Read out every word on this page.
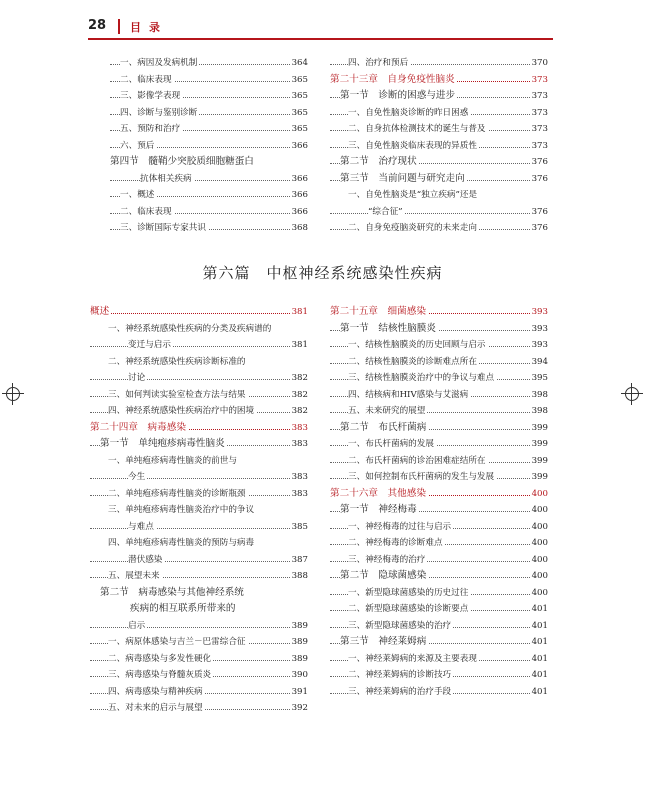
28 目录
一、病因及发病机制	364
二、临床表现	365
三、影像学表现	365
四、诊断与鉴别诊断	365
五、预防和治疗	365
六、预后	366
第四节　髓鞘少突胶质细胞糖蛋白
抗体相关疾病	366
一、概述	366
二、临床表现	366
三、诊断国际专家共识	368
四、治疗和预后	370
第二十三章　自身免疫性脑炎	373
第一节　诊断的困惑与进步	373
一、自免性脑炎诊断的昨日困惑	373
二、自身抗体检测技术的诞生与普及	373
三、自免性脑炎临床表现的异质性	373
第二节　治疗现状	376
第三节　当前问题与研究走向	376
一、自免性脑炎是“独立疾病”还是
“综合征”	376
二、自身免疫脑炎研究的未来走向	376
第六篇　中枢神经系统感染性疾病
概述	381
一、神经系统感染性疾病的分类及疾病谱的
变迁与启示	381
二、神经系统感染性疾病诊断标准的
讨论	382
三、如何判读实验室检查方法与结果	382
四、神经系统感染性疾病治疗中的困境	382
第二十四章　病毒感染	383
第一节　单纯疱疹病毒性脑炎	383
一、单纯疱疹病毒性脑炎的前世与
今生	383
二、单纯疱疹病毒性脑炎的诊断瓶颈	383
三、单纯疱疹病毒性脑炎治疗中的争议
与难点	385
四、单纯疱疹病毒性脑炎的预防与病毒
潜伏感染	387
五、展望未来	388
第二节　病毒感染与其他神经系统
疾病的相互联系所带来的
启示	389
一、病原体感染与吉兰－巴雷综合征	389
二、病毒感染与多发性硬化	389
三、病毒感染与脊髓灰质炎	390
四、病毒感染与精神疾病	391
五、对未来的启示与展望	392
第二十五章　细菌感染	393
第一节　结核性脑膜炎	393
一、结核性脑膜炎的历史回顾与启示	393
二、结核性脑膜炎的诊断难点所在	394
三、结核性脑膜炎治疗中的争议与难点	395
四、结核病和HIV感染与艾滋病	398
五、未来研究的展望	398
第二节　布氏杆菌病	399
一、布氏杆菌病的发展	399
二、布氏杆菌病的诊治困难症结所在	399
三、如何控制布氏杆菌病的发生与发展	399
第二十六章　其他感染	400
第一节　神经梅毒	400
一、神经梅毒的过往与启示	400
二、神经梅毒的诊断难点	400
三、神经梅毒的治疗	400
第二节　隐球菌感染	400
一、新型隐球菌感染的历史过往	400
二、新型隐球菌感染的诊断要点	401
三、新型隐球菌感染的治疗	401
第三节　神经莱姆病	401
一、神经莱姆病的来源及主要表现	401
二、神经莱姆病的诊断技巧	401
三、神经莱姆病的治疗手段	401
